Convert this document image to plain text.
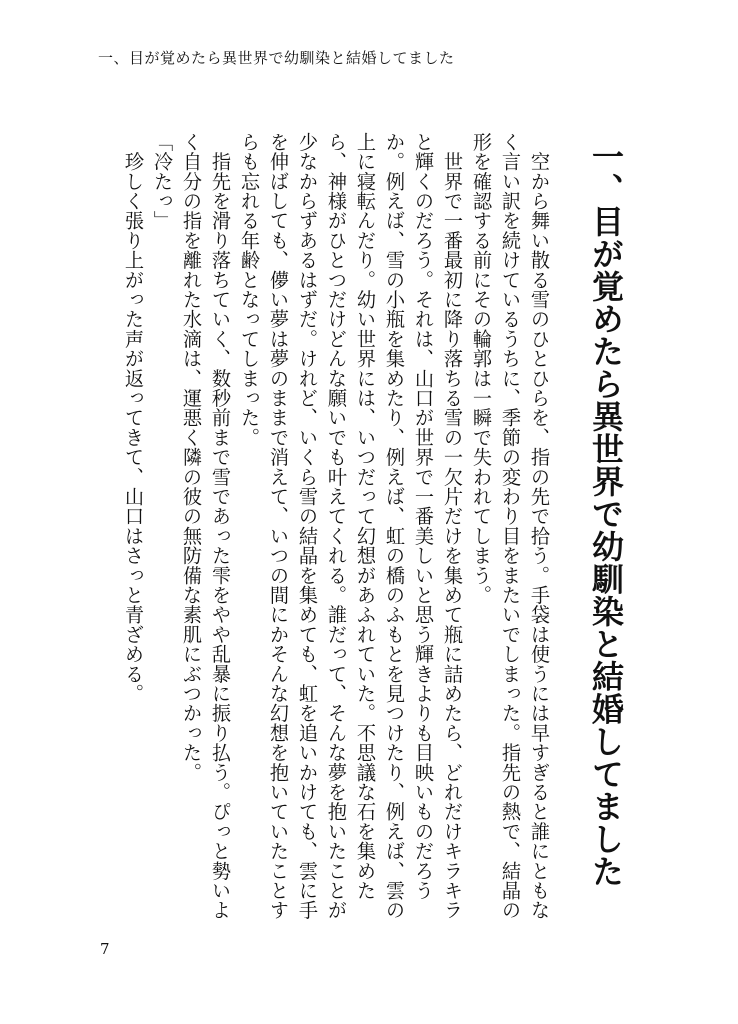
一、目が覚めたら異世界で幼馴染と結婚してました
一、目が覚めたら異世界で幼馴染と結婚してました

　空から舞い散る雪のひとひらを、指の先で拾う。手袋は使うには早すぎると誰にともなく言い訳を続けているうちに、季節の変わり目をまたいでしまった。指先の熱で、結晶の形を確認する前にその輪郭は一瞬で失われてしまう。

　世界で一番最初に降り落ちる雪の一欠片だけを集めて瓶に詰めたら、どれだけキラキラと輝くのだろう。それは、山口が世界で一番美しいと思う輝きよりも目映いものだろうか。例えば、雪の小瓶を集めたり、例えば、虹の橋のふもとを見つけたり、例えば、雲の上に寝転んだり。幼い世界には、いつだって幻想があふれていた。不思議な石を集めたら、神様がひとつだけどんな願いでも叶えてくれる。誰だって、そんな夢を抱いたことが少なからずあるはずだ。けれど、いくら雪の結晶を集めても、虹を追いかけても、雲に手を伸ばしても、儚い夢は夢のままで消えて、いつの間にかそんな幻想を抱いていたことすらも忘れる年齢となってしまった。

　指先を滑り落ちていく、数秒前まで雪であった雫をやや乱暴に振り払う。ぴっと勢いよく自分の指を離れた水滴は、運悪く隣の彼の無防備な素肌にぶつかった。

「冷たっ」

　珍しく張り上がった声が返ってきて、山口はさっと青ざめる。

7
